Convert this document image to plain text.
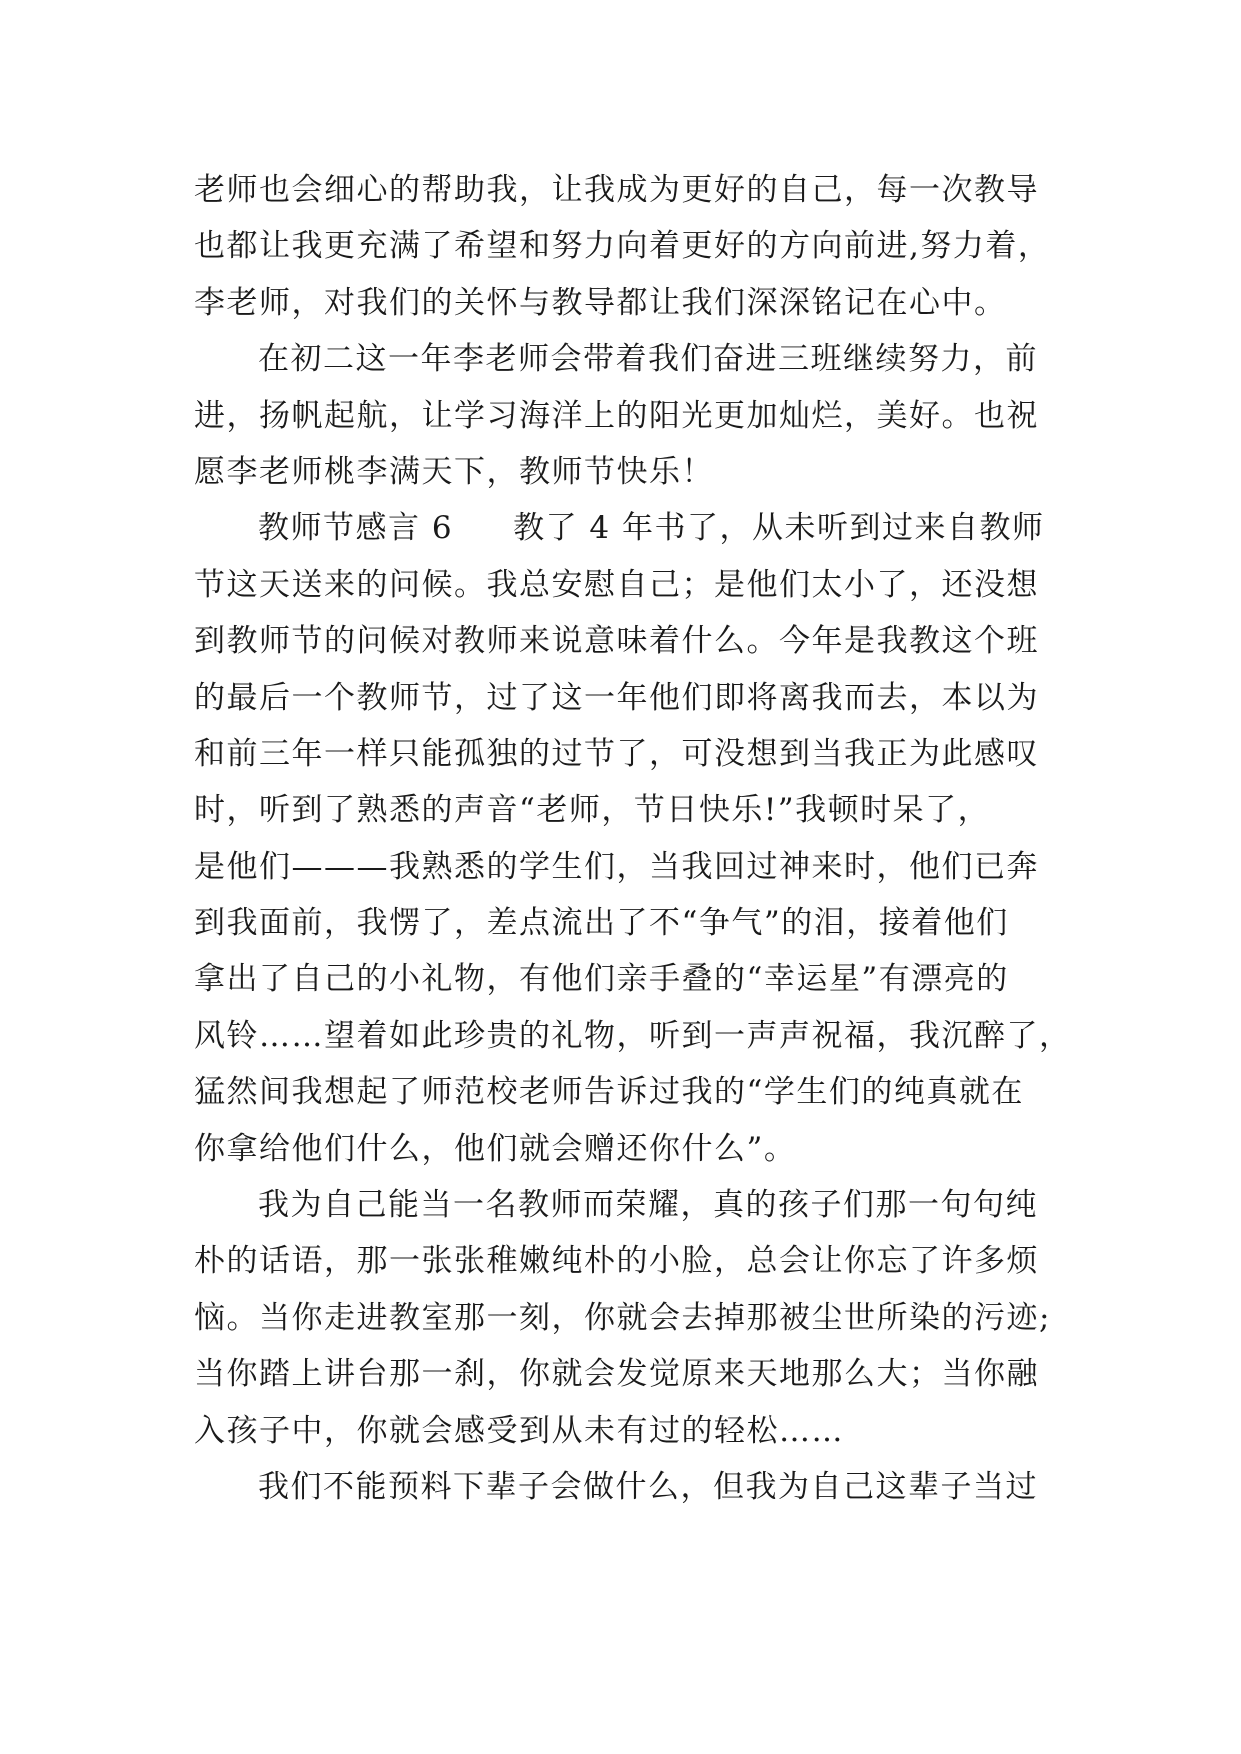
老师也会细心的帮助我，让我成为更好的自己，每一次教导
也都让我更充满了希望和努力向着更好的方向前进,努力着，
李老师，对我们的关怀与教导都让我们深深铭记在心中。
在初二这一年李老师会带着我们奋进三班继续努力，前
进，扬帆起航，让学习海洋上的阳光更加灿烂，美好。也祝
愿李老师桃李满天下，教师节快乐！
教师节感言 6 教了 4 年书了，从未听到过来自教师
节这天送来的问候。我总安慰自己；是他们太小了，还没想
到教师节的问候对教师来说意味着什么。今年是我教这个班
的最后一个教师节，过了这一年他们即将离我而去，本以为
和前三年一样只能孤独的过节了，可没想到当我正为此感叹
时，听到了熟悉的声音“老师，节日快乐!”我顿时呆了，
是他们———我熟悉的学生们，当我回过神来时，他们已奔
到我面前，我愣了，差点流出了不“争气”的泪，接着他们
拿出了自己的小礼物，有他们亲手叠的“幸运星”有漂亮的
风铃……望着如此珍贵的礼物，听到一声声祝福，我沉醉了，
猛然间我想起了师范校老师告诉过我的“学生们的纯真就在
你拿给他们什么，他们就会赠还你什么”。
我为自己能当一名教师而荣耀，真的孩子们那一句句纯
朴的话语，那一张张稚嫩纯朴的小脸，总会让你忘了许多烦
恼。当你走进教室那一刻，你就会去掉那被尘世所染的污迹;
当你踏上讲台那一刹，你就会发觉原来天地那么大；当你融
入孩子中，你就会感受到从未有过的轻松……
我们不能预料下辈子会做什么，但我为自己这辈子当过
